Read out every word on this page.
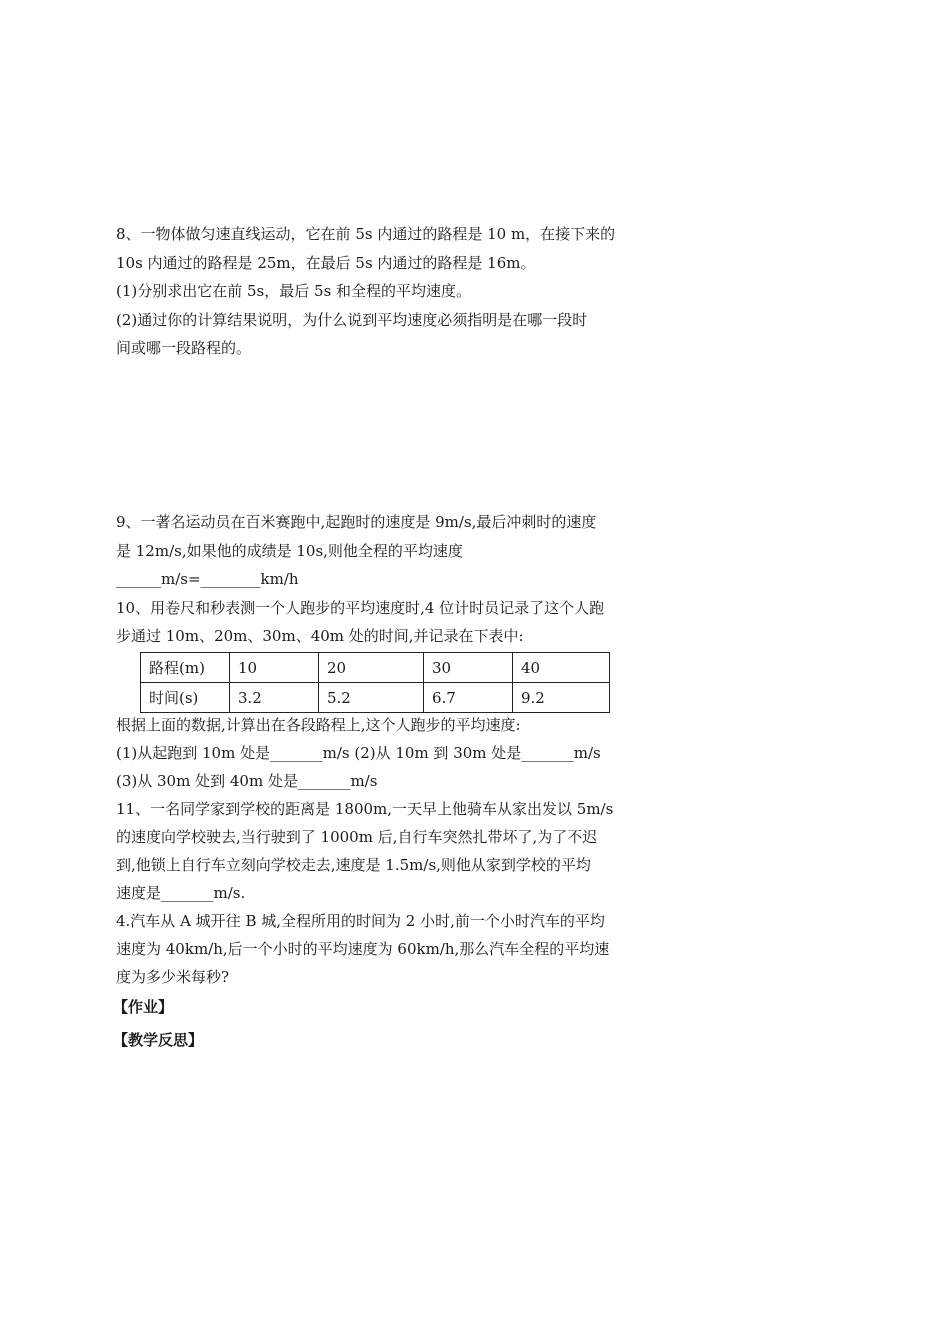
8、一物体做匀速直线运动，它在前 5s 内通过的路程是 10 m，在接下来的
10s 内通过的路程是 25m，在最后 5s 内通过的路程是 16m。
(1)分别求出它在前 5s，最后 5s 和全程的平均速度。
(2)通过你的计算结果说明，为什么说到平均速度必须指明是在哪一段时
间或哪一段路程的。
9、一著名运动员在百米赛跑中,起跑时的速度是 9m/s,最后冲刺时的速度
是 12m/s,如果他的成绩是 10s,则他全程的平均速度
______m/s=________km/h
10、用卷尺和秒表测一个人跑步的平均速度时,4 位计时员记录了这个人跑
步通过 10m、20m、30m、40m 处的时间,并记录在下表中:
路程(m)	10	20	30	40
时间(s)	3.2	5.2	6.7	9.2
根据上面的数据,计算出在各段路程上,这个人跑步的平均速度:
(1)从起跑到 10m 处是_______m/s (2)从 10m 到 30m 处是_______m/s
(3)从 30m 处到 40m 处是_______m/s
11、一名同学家到学校的距离是 1800m,一天早上他骑车从家出发以 5m/s
的速度向学校驶去,当行驶到了 1000m 后,自行车突然扎带坏了,为了不迟
到,他锁上自行车立刻向学校走去,速度是 1.5m/s,则他从家到学校的平均
速度是_______m/s.
4.汽车从 A 城开往 B 城,全程所用的时间为 2 小时,前一个小时汽车的平均
速度为 40km/h,后一个小时的平均速度为 60km/h,那么汽车全程的平均速
度为多少米每秒?
【作业】
【教学反思】
